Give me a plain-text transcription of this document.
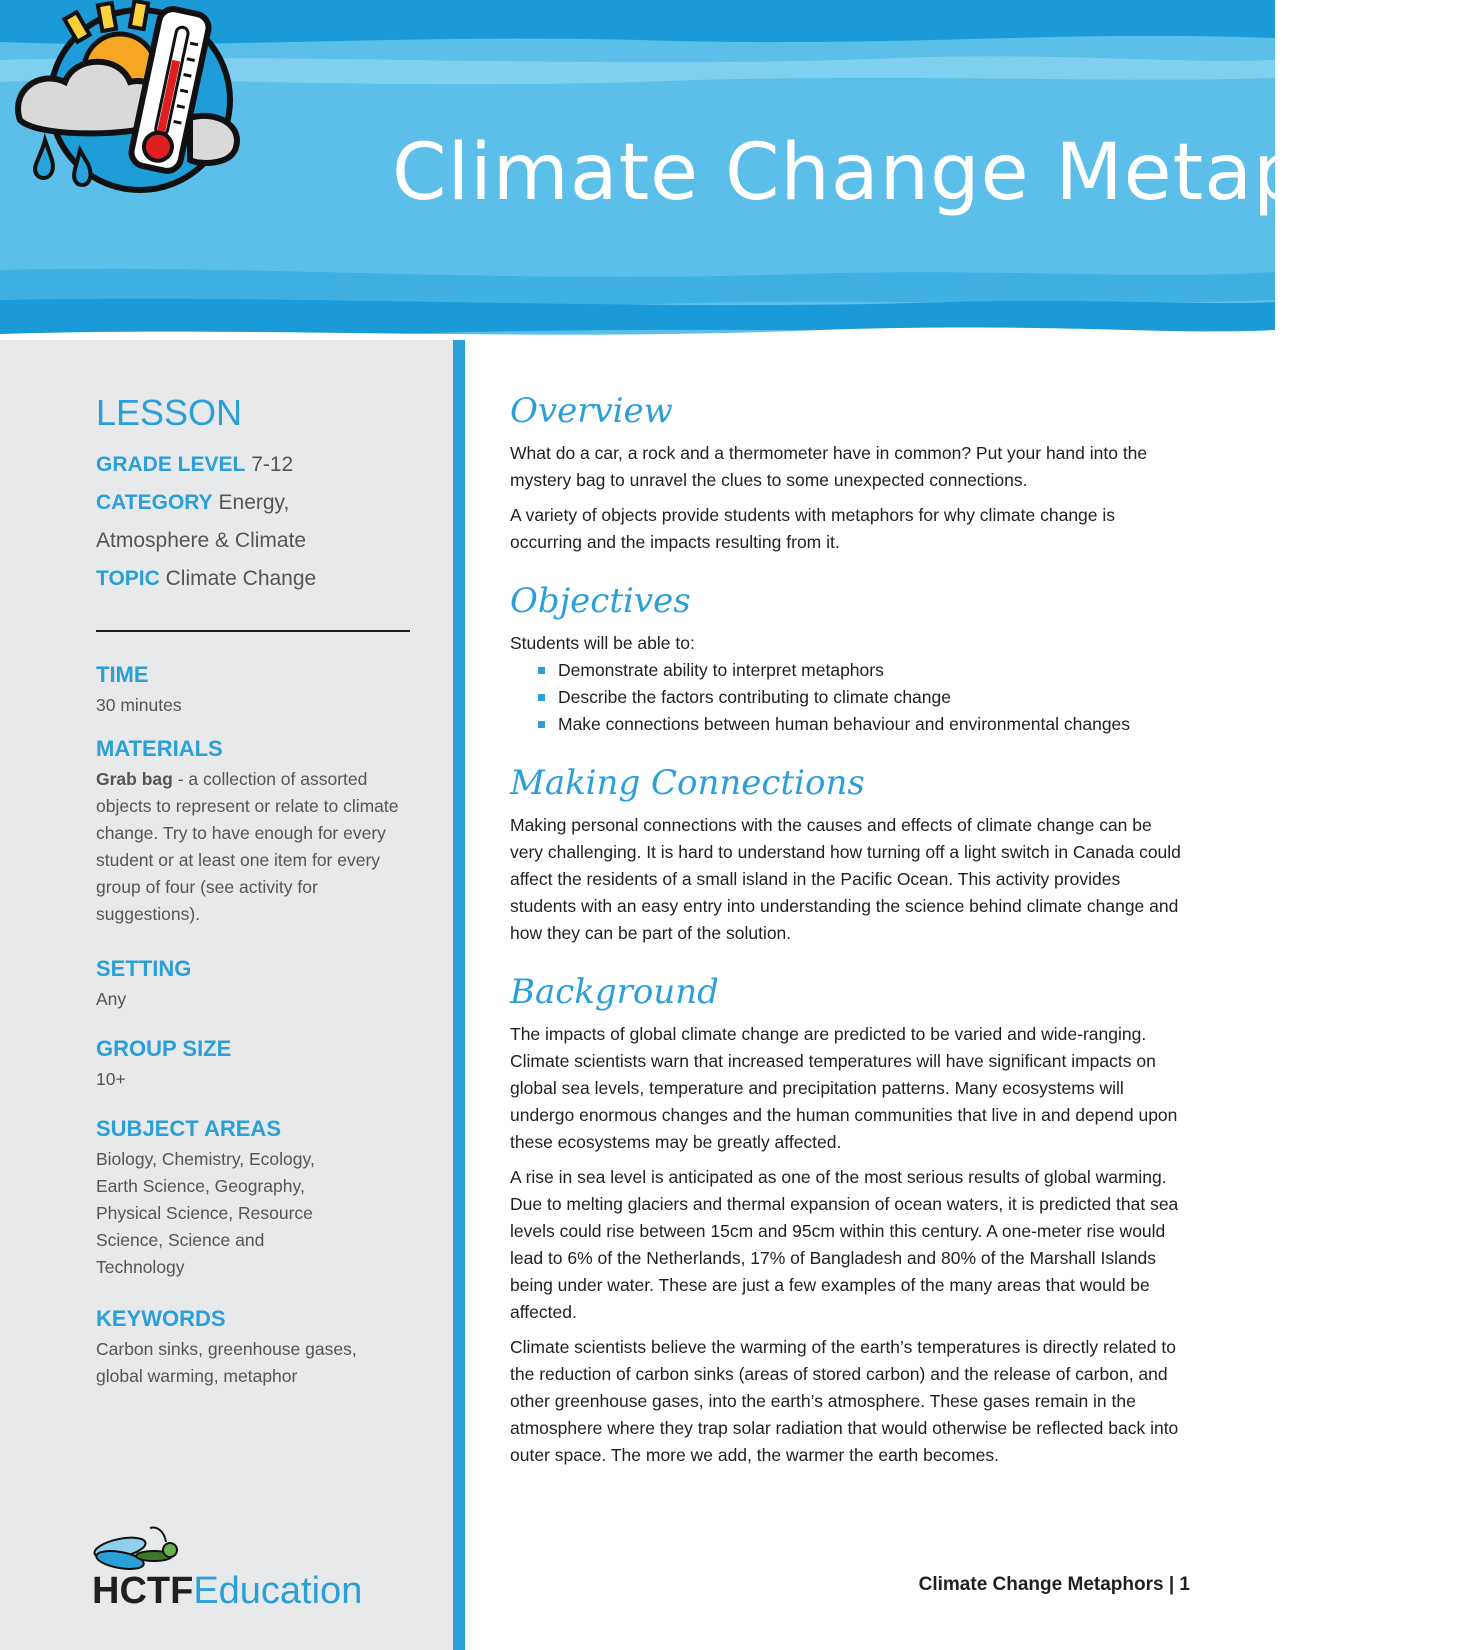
Climate Change Metaphors
LESSON
GRADE LEVEL 7-12
CATEGORY Energy,
Atmosphere & Climate
TOPIC Climate Change
TIME

30 minutes

MATERIALS

Grab bag - a collection of assorted objects to represent or relate to climate change. Try to have enough for every student or at least one item for every group of four (see activity for suggestions).

SETTING

Any

GROUP SIZE

10+

SUBJECT AREAS

Biology, Chemistry, Ecology, Earth Science, Geography, Physical Science, Resource Science, Science and Technology

KEYWORDS

Carbon sinks, greenhouse gases, global warming, metaphor

HCTFEducation
Overview

What do a car, a rock and a thermometer have in common? Put your hand into the mystery bag to unravel the clues to some unexpected connections.

A variety of objects provide students with metaphors for why climate change is occurring and the impacts resulting from it.

Objectives

Students will be able to:

Demonstrate ability to interpret metaphors
Describe the factors contributing to climate change
Make connections between human behaviour and environmental changes
Making Connections

Making personal connections with the causes and effects of climate change can be very challenging. It is hard to understand how turning off a light switch in Canada could affect the residents of a small island in the Pacific Ocean. This activity provides students with an easy entry into understanding the science behind climate change and how they can be part of the solution.

Background

The impacts of global climate change are predicted to be varied and wide-ranging. Climate scientists warn that increased temperatures will have significant impacts on global sea levels, temperature and precipitation patterns. Many ecosystems will undergo enormous changes and the human communities that live in and depend upon these ecosystems may be greatly affected.

A rise in sea level is anticipated as one of the most serious results of global warming. Due to melting glaciers and thermal expansion of ocean waters, it is predicted that sea levels could rise between 15cm and 95cm within this century. A one-meter rise would lead to 6% of the Netherlands, 17% of Bangladesh and 80% of the Marshall Islands being under water. These are just a few examples of the many areas that would be affected.

Climate scientists believe the warming of the earth’s temperatures is directly related to the reduction of carbon sinks (areas of stored carbon) and the release of carbon, and other greenhouse gases, into the earth’s atmosphere. These gases remain in the atmosphere where they trap solar radiation that would otherwise be reflected back into outer space. The more we add, the warmer the earth becomes.

Climate Change Metaphors | 1
